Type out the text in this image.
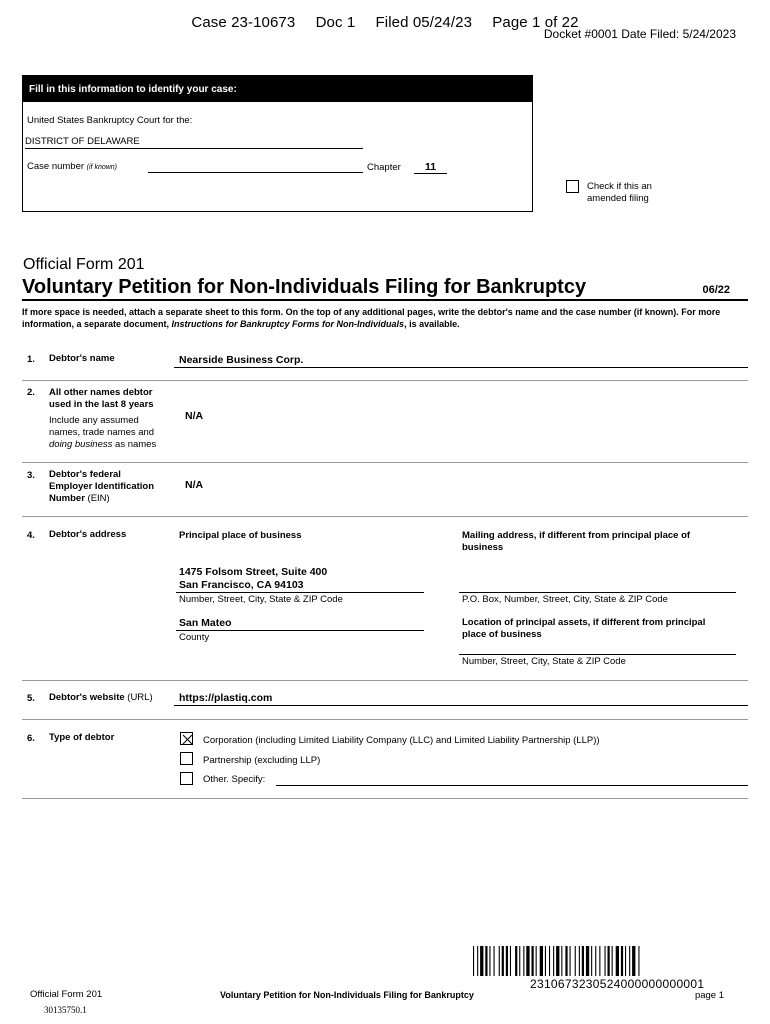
Case 23-10673 Doc 1 Filed 05/24/23 Page 1 of 22
Docket #0001 Date Filed: 5/24/2023
Fill in this information to identify your case:
United States Bankruptcy Court for the:
DISTRICT OF DELAWARE
Case number (if known)	Chapter	11
Check if this an amended filing
Official Form 201
Voluntary Petition for Non-Individuals Filing for Bankruptcy	06/22
If more space is needed, attach a separate sheet to this form. On the top of any additional pages, write the debtor's name and the case number (if known). For more information, a separate document, Instructions for Bankruptcy Forms for Non-Individuals, is available.
1. Debtor's name	Nearside Business Corp.
2. All other names debtor used in the last 8 years
Include any assumed names, trade names and doing business as names
N/A
3. Debtor's federal Employer Identification Number (EIN)
N/A
4. Debtor's address	Principal place of business	Mailing address, if different from principal place of business
1475 Folsom Street, Suite 400
San Francisco, CA 94103
Number, Street, City, State & ZIP Code	P.O. Box, Number, Street, City, State & ZIP Code
San Mateo
County
Location of principal assets, if different from principal place of business
Number, Street, City, State & ZIP Code
5. Debtor's website (URL)	https://plastiq.com
6. Type of debtor	Corporation (including Limited Liability Company (LLC) and Limited Liability Partnership (LLP))
Partnership (excluding LLP)
Other. Specify:
2310673230524000000000001
Official Form 201	Voluntary Petition for Non-Individuals Filing for Bankruptcy	page 1
30135750.1
